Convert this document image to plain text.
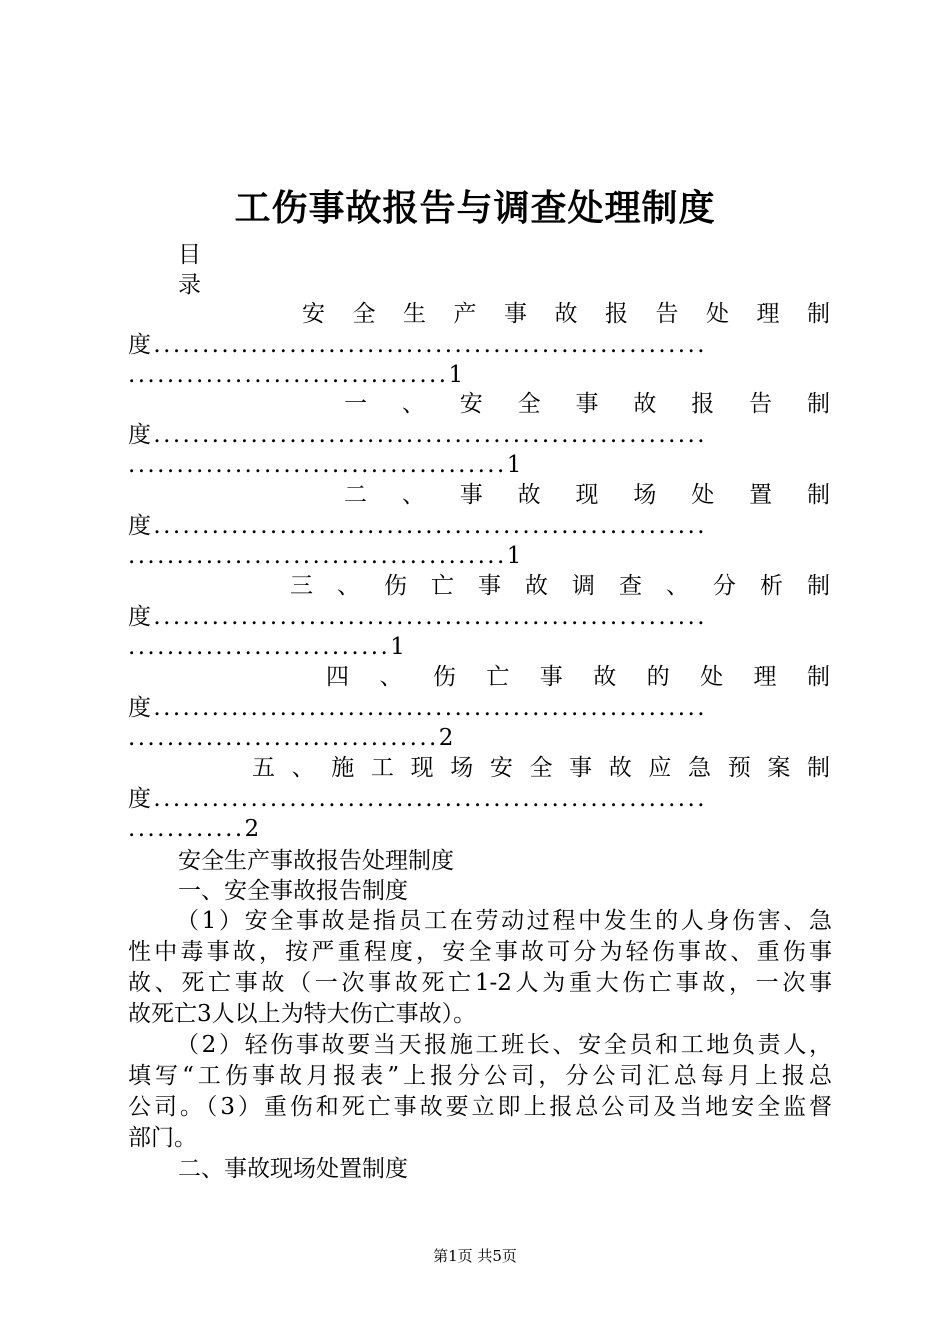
工伤事故报告与调查处理制度
目
录
安 全 生 产 事 故 报 告 处 理 制
度.........................................................
.................................1
一 、 安 全 事 故 报 告 制
度.........................................................
.......................................1
二 、 事 故 现 场 处 置 制
度.........................................................
.......................................1
三 、 伤 亡 事 故 调 查 、 分 析 制
度.........................................................
...........................1
四 、 伤 亡 事 故 的 处 理 制
度.........................................................
................................2
五 、 施 工 现 场 安 全 事 故 应 急 预 案 制
度.........................................................
............2
安全生产事故报告处理制度
一、安全事故报告制度
（1）安全事故是指员工在劳动过程中发生的人身伤害、急
性中毒事故，按严重程度，安全事故可分为轻伤事故、重伤事
故、死亡事故（一次事故死亡1-2人为重大伤亡事故，一次事
故死亡3人以上为特大伤亡事故）。
（2）轻伤事故要当天报施工班长、安全员和工地负责人，
填写“工伤事故月报表”上报分公司，分公司汇总每月上报总
公司。（3）重伤和死亡事故要立即上报总公司及当地安全监督
部门。
二、事故现场处置制度
第1页 共5页
